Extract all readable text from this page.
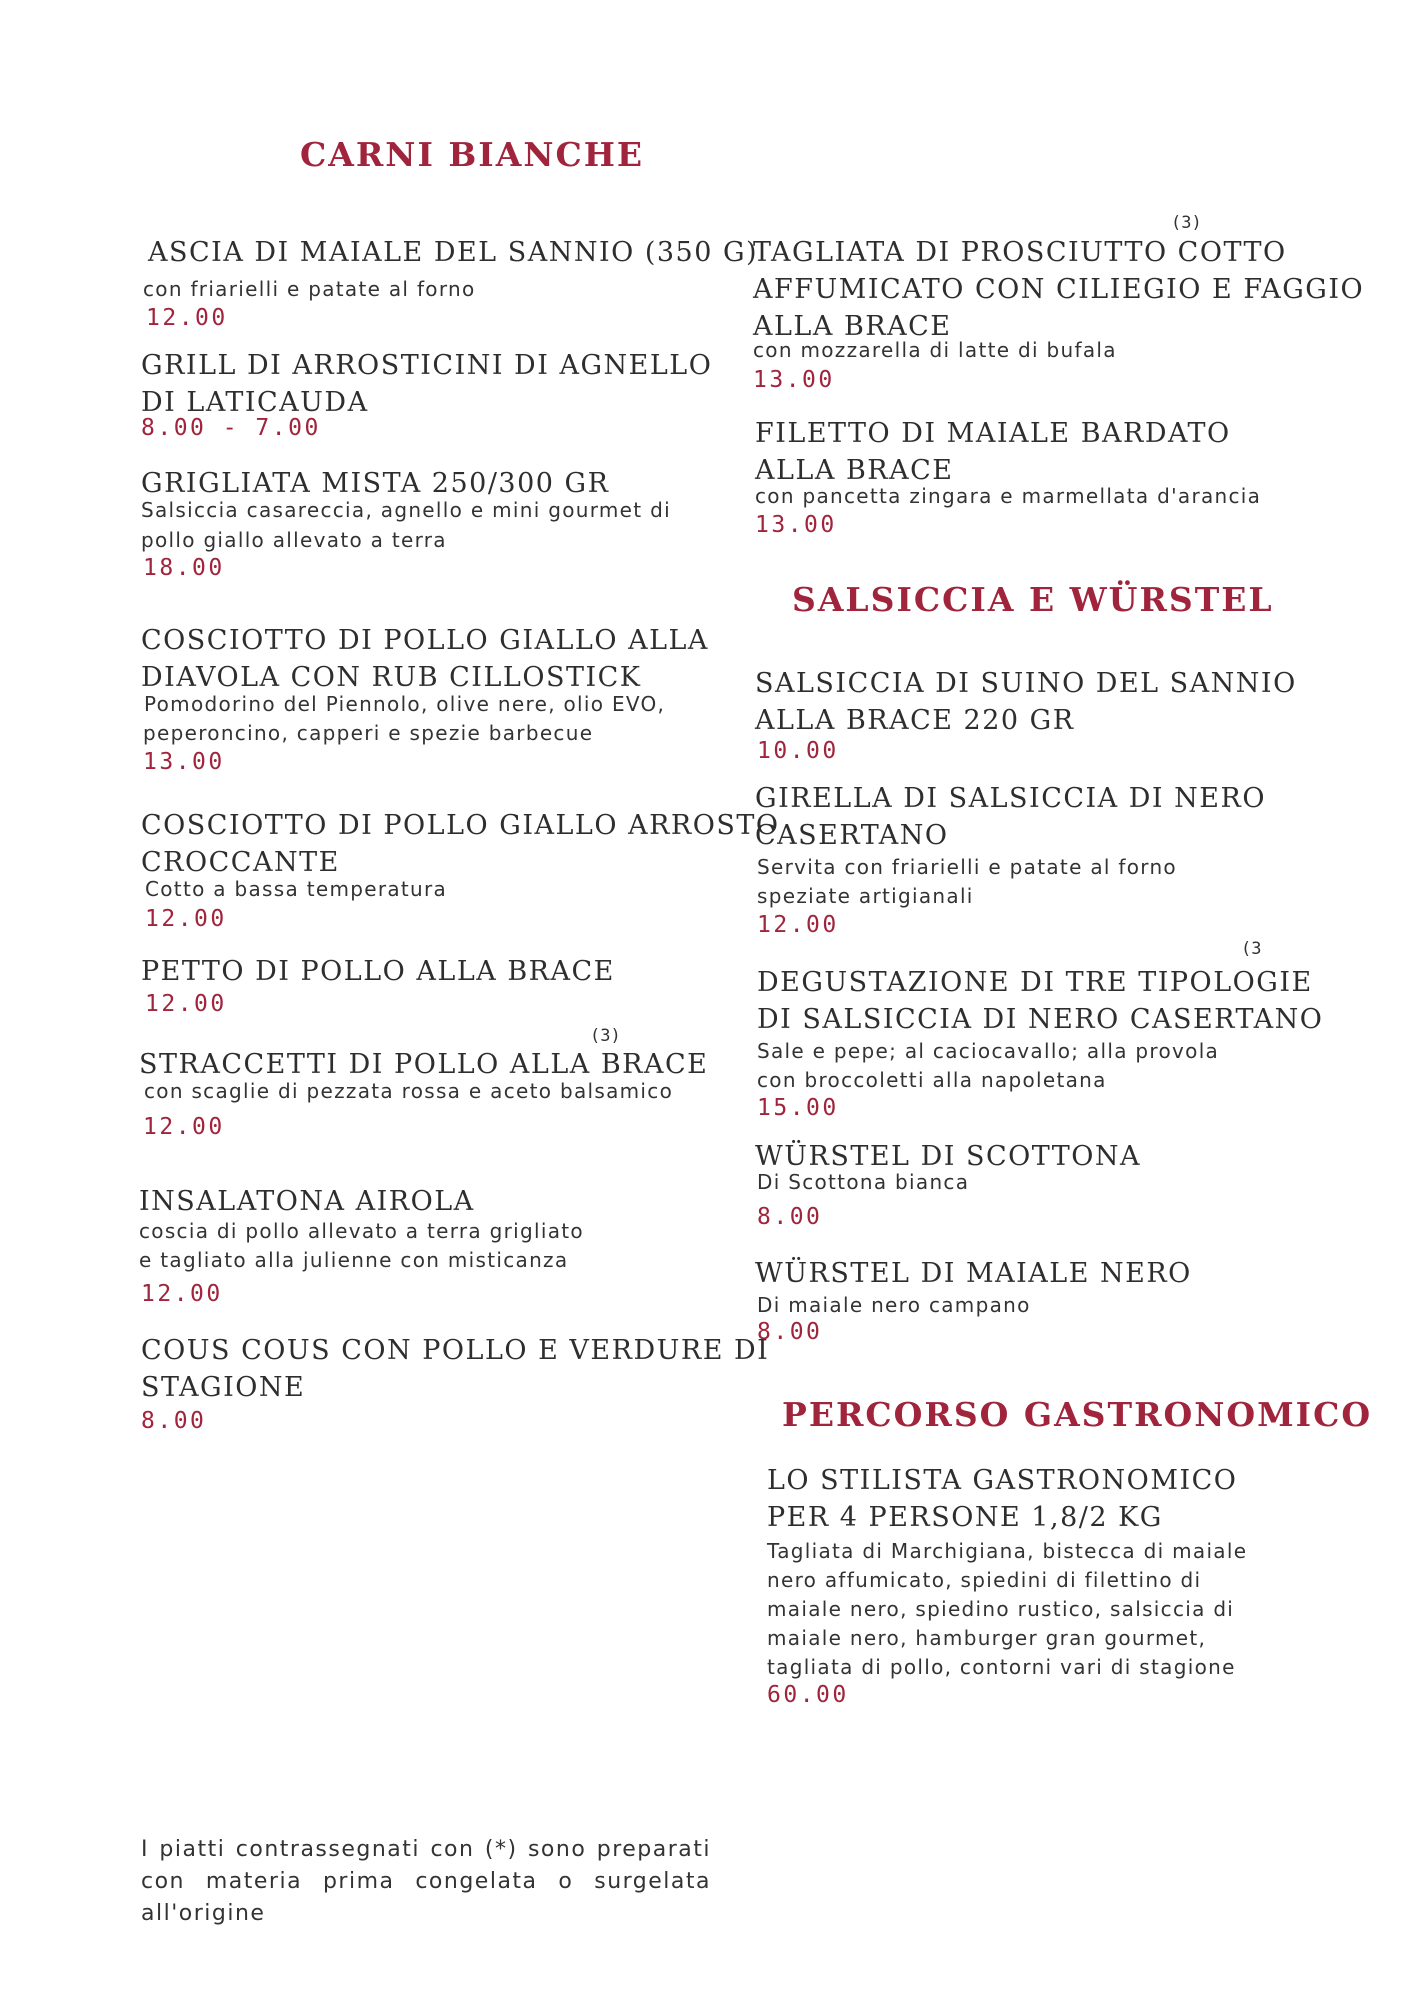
CARNI BIANCHE
ASCIA DI MAIALE DEL SANNIO (350 G)
con friarielli e patate al forno
12.00
GRILL DI ARROSTICINI DI AGNELLO
DI LATICAUDA
8.00 - 7.00
GRIGLIATA MISTA 250/300 GR
Salsiccia casareccia, agnello e mini gourmet di
pollo giallo allevato a terra
18.00
COSCIOTTO DI POLLO GIALLO ALLA
DIAVOLA CON RUB CILLOSTICK
Pomodorino del Piennolo, olive nere, olio EVO,
peperoncino, capperi e spezie barbecue
13.00
COSCIOTTO DI POLLO GIALLO ARROSTO
CROCCANTE
Cotto a bassa temperatura
12.00
PETTO DI POLLO ALLA BRACE
12.00
(3)
STRACCETTI DI POLLO ALLA BRACE
con scaglie di pezzata rossa e aceto balsamico
12.00
INSALATONA AIROLA
coscia di pollo allevato a terra grigliato
e tagliato alla julienne con misticanza
12.00
COUS COUS CON POLLO E VERDURE DI
STAGIONE
8.00
I piatti contrassegnati con (*) sono preparati
con materia prima congelata o surgelata
all'origine
(3)
TAGLIATA DI PROSCIUTTO COTTO
AFFUMICATO CON CILIEGIO E FAGGIO
ALLA BRACE
con mozzarella di latte di bufala
13.00
FILETTO DI MAIALE BARDATO
ALLA BRACE
con pancetta zingara e marmellata d'arancia
13.00
SALSICCIA E WÜRSTEL
SALSICCIA DI SUINO DEL SANNIO
ALLA BRACE 220 GR
10.00
GIRELLA DI SALSICCIA DI NERO
CASERTANO
Servita con friarielli e patate al forno
speziate artigianali
12.00
(3
DEGUSTAZIONE DI TRE TIPOLOGIE
DI SALSICCIA DI NERO CASERTANO
Sale e pepe; al caciocavallo; alla provola
con broccoletti alla napoletana
15.00
WÜRSTEL DI SCOTTONA
Di Scottona bianca
8.00
WÜRSTEL DI MAIALE NERO
Di maiale nero campano
8.00
PERCORSO GASTRONOMICO
LO STILISTA GASTRONOMICO
PER 4 PERSONE 1,8/2 KG
Tagliata di Marchigiana, bistecca di maiale
nero affumicato, spiedini di filettino di
maiale nero, spiedino rustico, salsiccia di
maiale nero, hamburger gran gourmet,
tagliata di pollo, contorni vari di stagione
60.00
